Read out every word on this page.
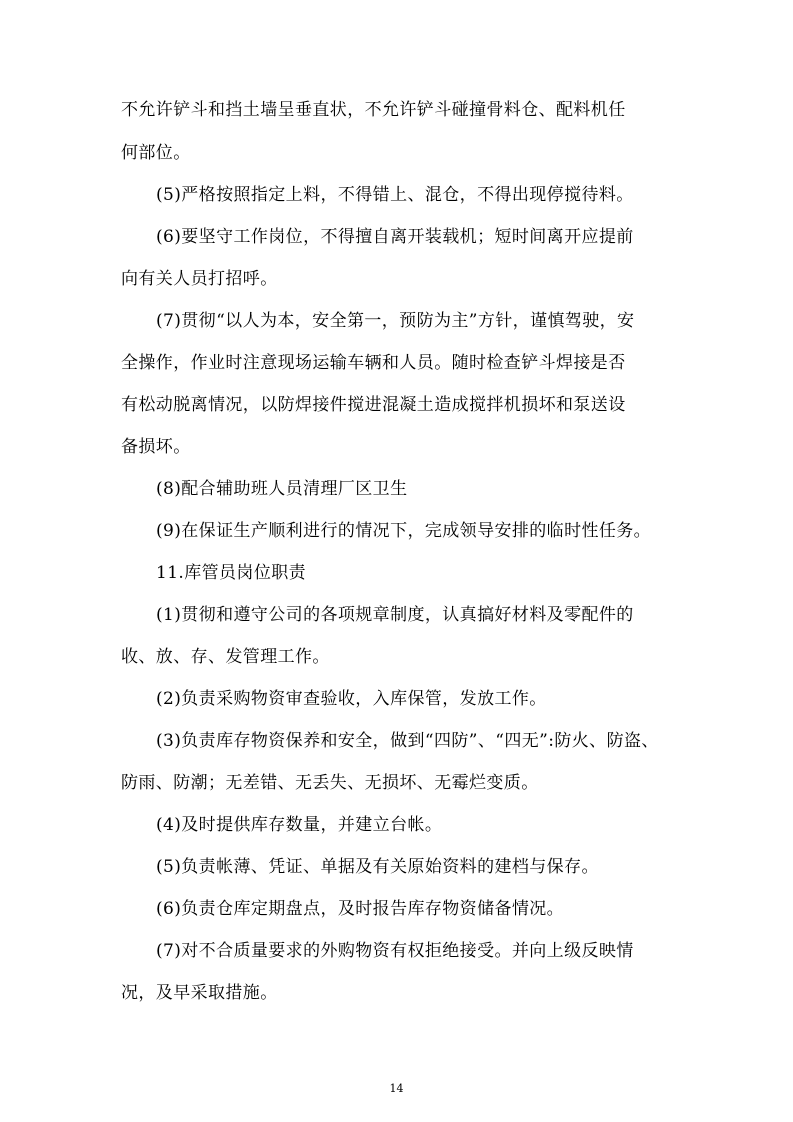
不允许铲斗和挡土墙呈垂直状，不允许铲斗碰撞骨料仓、配料机任
何部位。
(5)严格按照指定上料，不得错上、混仓，不得出现停搅待料。
(6)要坚守工作岗位，不得擅自离开装载机；短时间离开应提前
向有关人员打招呼。
(7)贯彻“以人为本，安全第一，预防为主”方针，谨慎驾驶，安
全操作，作业时注意现场运输车辆和人员。随时检查铲斗焊接是否
有松动脱离情况，以防焊接件搅进混凝土造成搅拌机损坏和泵送设
备损坏。
(8)配合辅助班人员清理厂区卫生
(9)在保证生产顺利进行的情况下，完成领导安排的临时性任务。
11.库管员岗位职责
(1)贯彻和遵守公司的各项规章制度，认真搞好材料及零配件的
收、放、存、发管理工作。
(2)负责采购物资审查验收，入库保管，发放工作。
(3)负责库存物资保养和安全，做到“四防”、“四无”:防火、防盗、
防雨、防潮；无差错、无丢失、无损坏、无霉烂变质。
(4)及时提供库存数量，并建立台帐。
(5)负责帐薄、凭证、单据及有关原始资料的建档与保存。
(6)负责仓库定期盘点，及时报告库存物资储备情况。
(7)对不合质量要求的外购物资有权拒绝接受。并向上级反映情
况，及早采取措施。
14
